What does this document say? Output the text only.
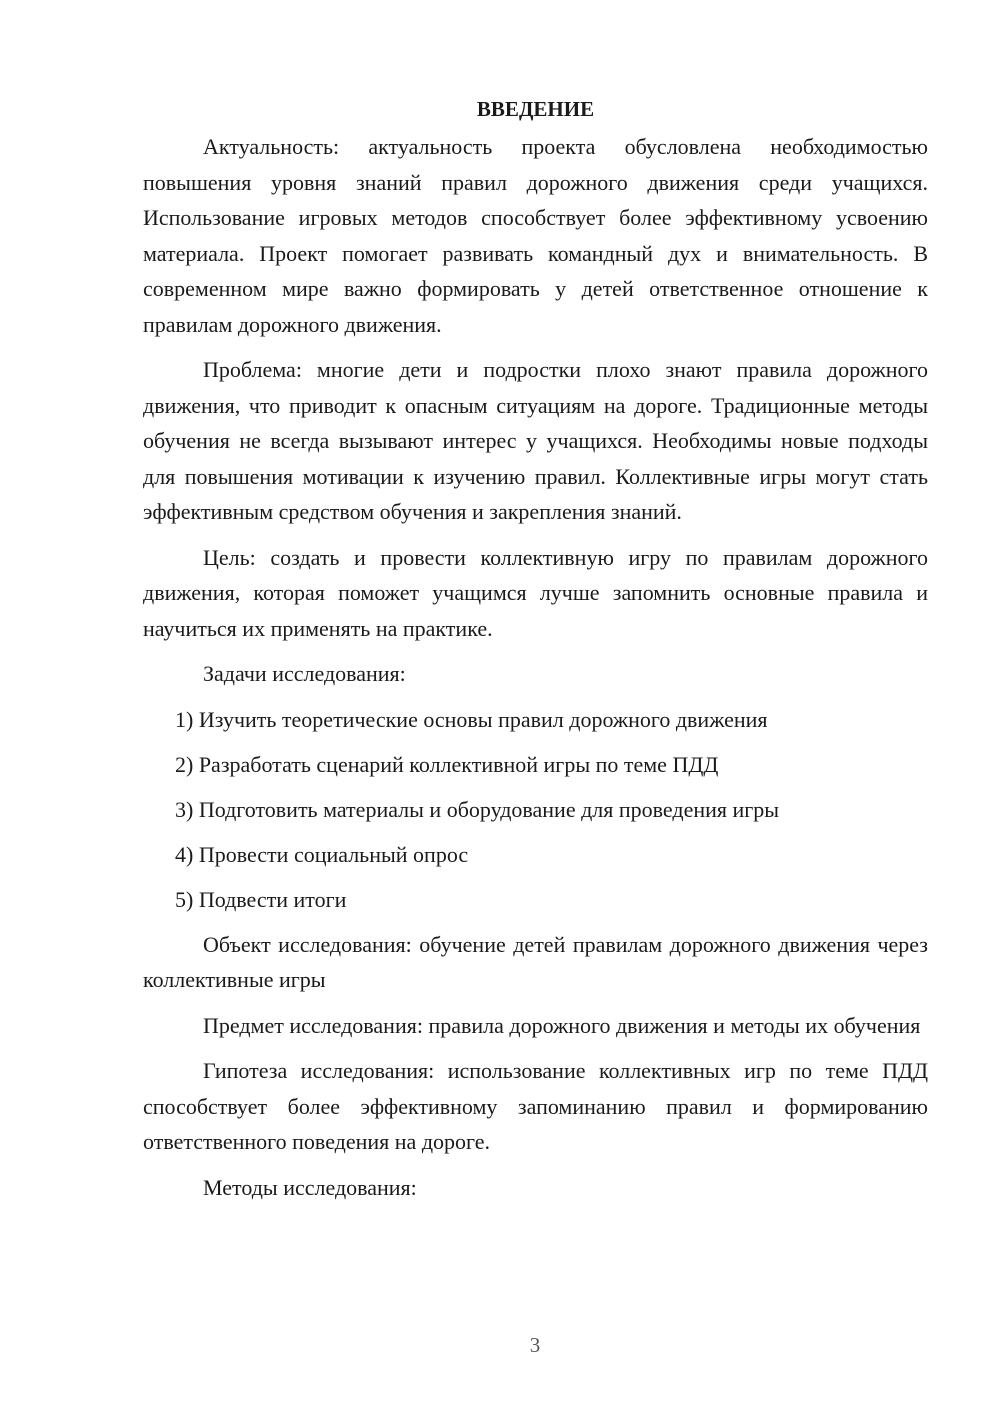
ВВЕДЕНИЕ

Актуальность: актуальность проекта обусловлена необходимостью повышения уровня знаний правил дорожного движения среди учащихся. Использование игровых методов способствует более эффективному усвоению материала. Проект помогает развивать командный дух и внимательность. В современном мире важно формировать у детей ответственное отношение к правилам дорожного движения.

Проблема: многие дети и подростки плохо знают правила дорожного движения, что приводит к опасным ситуациям на дороге. Традиционные методы обучения не всегда вызывают интерес у учащихся. Необходимы новые подходы для повышения мотивации к изучению правил. Коллективные игры могут стать эффективным средством обучения и закрепления знаний.

Цель: создать и провести коллективную игру по правилам дорожного движения, которая поможет учащимся лучше запомнить основные правила и научиться их применять на практике.

Задачи исследования:

1) Изучить теоретические основы правил дорожного движения
2) Разработать сценарий коллективной игры по теме ПДД
3) Подготовить материалы и оборудование для проведения игры
4) Провести социальный опрос
5) Подвести итоги

Объект исследования: обучение детей правилам дорожного движения через коллективные игры

Предмет исследования: правила дорожного движения и методы их обучения

Гипотеза исследования: использование коллективных игр по теме ПДД способствует более эффективному запоминанию правил и формированию ответственного поведения на дороге.

Методы исследования:

3
